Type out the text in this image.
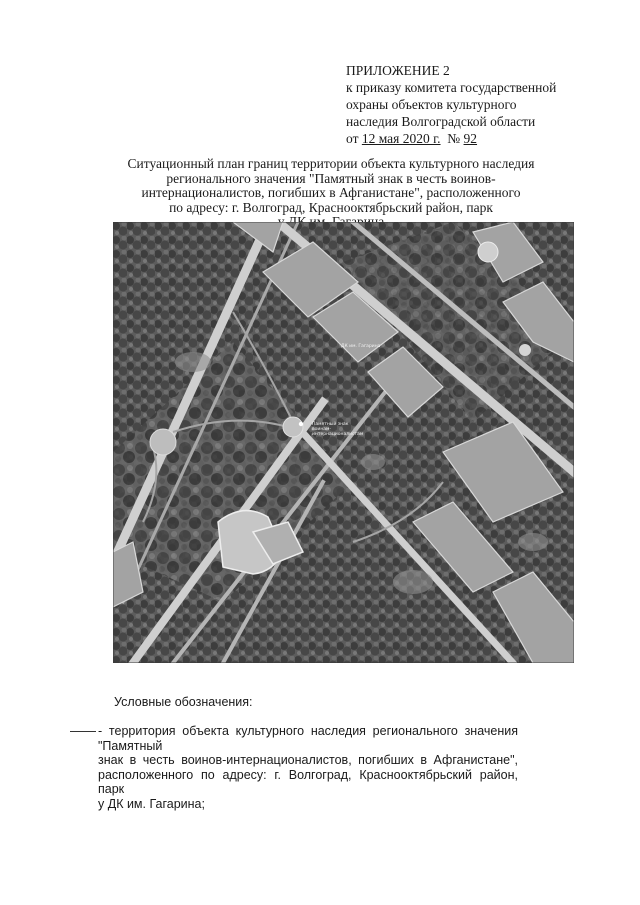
ПРИЛОЖЕНИЕ 2
к приказу комитета государственной
охраны объектов культурного
наследия Волгоградской области
от 12 мая 2020 г. № 92
Ситуационный план границ территории объекта культурного наследия
регионального значения "Памятный знак в честь воинов-
интернационалистов, погибших в Афганистане", расположенного
по адресу: г. Волгоград, Краснооктябрьский район, парк
Памятный знак воинам- интернационалистам
ДК им. Гагарина
Условные обозначения:
- территория объекта культурного наследия регионального значения "Памятный
знак в честь воинов-интернационалистов, погибших в Афганистане",
расположенного по адресу: г. Волгоград, Краснооктябрьский район, парк
у ДК им. Гагарина;
